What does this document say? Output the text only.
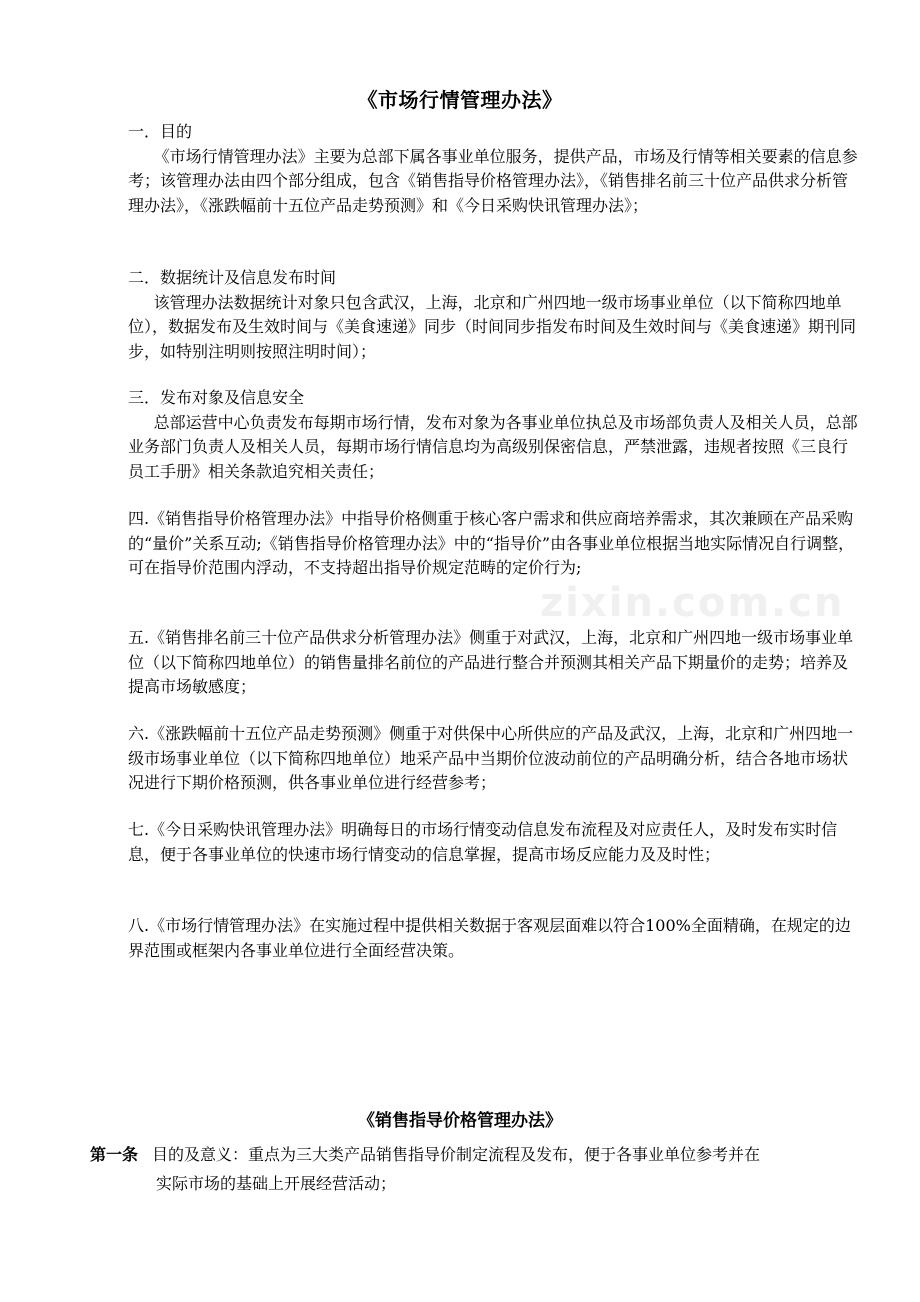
zixin.com.cn
《市场行情管理办法》
一．目的
《市场行情管理办法》主要为总部下属各事业单位服务，提供产品，市场及行情等相关要素的信息参考；该管理办法由四个部分组成，包含《销售指导价格管理办法》，《销售排名前三十位产品供求分析管理办法》，《涨跌幅前十五位产品走势预测》和《今日采购快讯管理办法》；
二．数据统计及信息发布时间
该管理办法数据统计对象只包含武汉，上海，北京和广州四地一级市场事业单位（以下简称四地单位），数据发布及生效时间与《美食速递》同步（时间同步指发布时间及生效时间与《美食速递》期刊同步，如特别注明则按照注明时间）；
三．发布对象及信息安全
总部运营中心负责发布每期市场行情，发布对象为各事业单位执总及市场部负责人及相关人员，总部业务部门负责人及相关人员，每期市场行情信息均为高级别保密信息，严禁泄露，违规者按照《三良行员工手册》相关条款追究相关责任；
四.《销售指导价格管理办法》中指导价格侧重于核心客户需求和供应商培养需求，其次兼顾在产品采购的“量价”关系互动;《销售指导价格管理办法》中的“指导价”由各事业单位根据当地实际情况自行调整，可在指导价范围内浮动，不支持超出指导价规定范畴的定价行为;
五.《销售排名前三十位产品供求分析管理办法》侧重于对武汉，上海，北京和广州四地一级市场事业单位（以下简称四地单位）的销售量排名前位的产品进行整合并预测其相关产品下期量价的走势；培养及提高市场敏感度；
六.《涨跌幅前十五位产品走势预测》侧重于对供保中心所供应的产品及武汉，上海，北京和广州四地一级市场事业单位（以下简称四地单位）地采产品中当期价位波动前位的产品明确分析，结合各地市场状况进行下期价格预测，供各事业单位进行经营参考；
七.《今日采购快讯管理办法》明确每日的市场行情变动信息发布流程及对应责任人，及时发布实时信息，便于各事业单位的快速市场行情变动的信息掌握，提高市场反应能力及及时性；
八.《市场行情管理办法》在实施过程中提供相关数据于客观层面难以符合100%全面精确，在规定的边界范围或框架内各事业单位进行全面经营决策。
《销售指导价格管理办法》
第一条 目的及意义：重点为三大类产品销售指导价制定流程及发布，便于各事业单位参考并在
实际市场的基础上开展经营活动；
